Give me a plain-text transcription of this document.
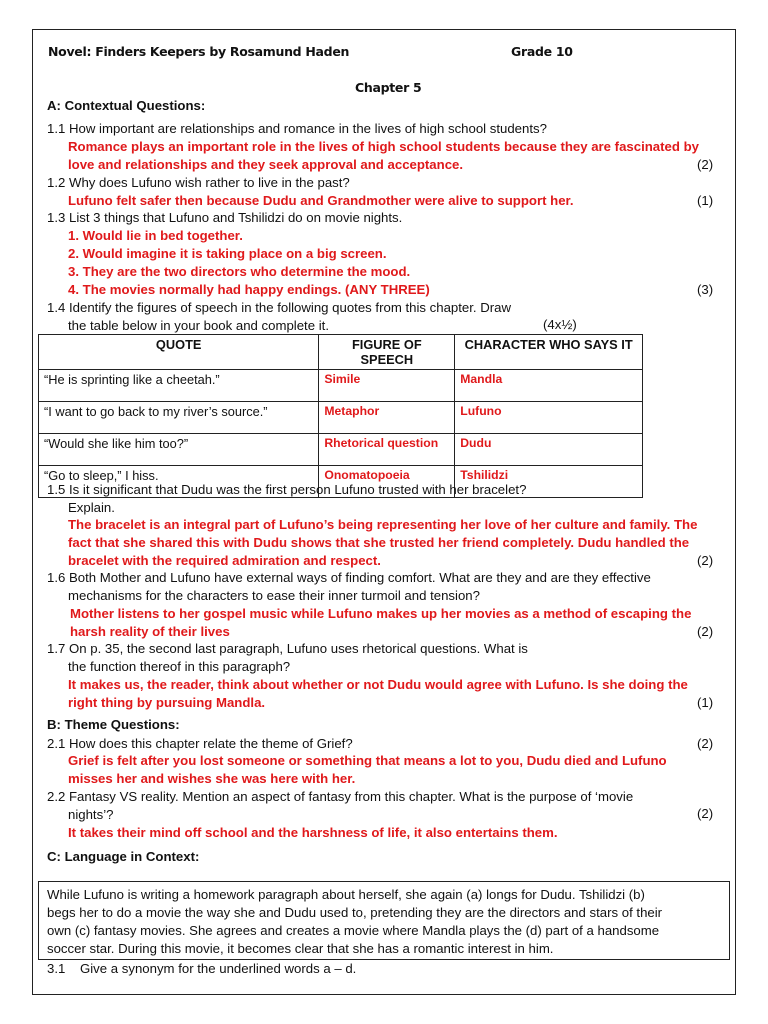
Novel: Finders Keepers by Rosamund Haden	Grade 10
Chapter 5
A: Contextual Questions:
1.1 How important are relationships and romance in the lives of high school students?
Romance plays an important role in the lives of high school students because they are fascinated by
love and relationships and they seek approval and acceptance.	(2)
1.2 Why does Lufuno wish rather to live in the past?
Lufuno felt safer then because Dudu and Grandmother were alive to support her.	(1)
1.3 List 3 things that Lufuno and Tshilidzi do on movie nights.
1. Would lie in bed together.
2. Would imagine it is taking place on a big screen.
3. They are the two directors who determine the mood.
4. The movies normally had happy endings. (ANY THREE)	(3)
1.4 Identify the figures of speech in the following quotes from this chapter. Draw
the table below in your book and complete it.	(4x½)
QUOTE	FIGURE OF SPEECH	CHARACTER WHO SAYS IT
“He is sprinting like a cheetah.”	Simile	Mandla
“I want to go back to my river’s source.”	Metaphor	Lufuno
“Would she like him too?”	Rhetorical question	Dudu
“Go to sleep,” I hiss.	Onomatopoeia	Tshilidzi
1.5 Is it significant that Dudu was the first person Lufuno trusted with her bracelet?
Explain.
The bracelet is an integral part of Lufuno’s being representing her love of her culture and family. The
fact that she shared this with Dudu shows that she trusted her friend completely. Dudu handled the
bracelet with the required admiration and respect.	(2)
1.6 Both Mother and Lufuno have external ways of finding comfort. What are they and are they effective
mechanisms for the characters to ease their inner turmoil and tension?
Mother listens to her gospel music while Lufuno makes up her movies as a method of escaping the
harsh reality of their lives	(2)
1.7 On p. 35, the second last paragraph, Lufuno uses rhetorical questions. What is
the function thereof in this paragraph?
It makes us, the reader, think about whether or not Dudu would agree with Lufuno. Is she doing the
right thing by pursuing Mandla.	(1)
B: Theme Questions:
2.1 How does this chapter relate the theme of Grief?	(2)
Grief is felt after you lost someone or something that means a lot to you, Dudu died and Lufuno
misses her and wishes she was here with her.
2.2 Fantasy VS reality. Mention an aspect of fantasy from this chapter. What is the purpose of ‘movie
nights’?	(2)
It takes their mind off school and the harshness of life, it also entertains them.
C: Language in Context:
While Lufuno is writing a homework paragraph about herself, she again (a) longs for Dudu. Tshilidzi (b)
begs her to do a movie the way she and Dudu used to, pretending they are the directors and stars of their
own (c) fantasy movies. She agrees and creates a movie where Mandla plays the (d) part of a handsome
soccer star. During this movie, it becomes clear that she has a romantic interest in him.
3.1    Give a synonym for the underlined words a – d.
